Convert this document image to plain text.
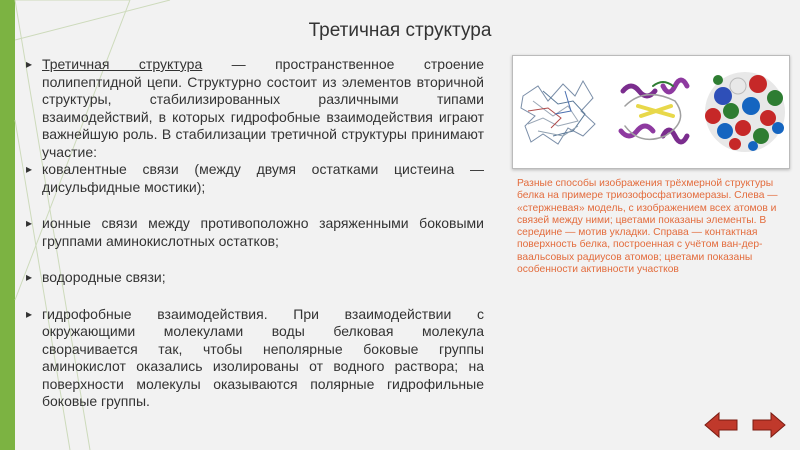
Третичная структура
▸ Третичная структура — пространственное строение полипептидной цепи. Структурно состоит из элементов вторичной структуры, стабилизированных различными типами взаимодействий, в которых гидрофобные взаимодействия играют важнейшую роль. В стабилизации третичной структуры принимают участие:
▸ ковалентные связи (между двумя остатками цистеина — дисульфидные мостики);
▸ ионные связи между противоположно заряженными боковыми группами аминокислотных остатков;
▸ водородные связи;
▸ гидрофобные взаимодействия. При взаимодействии с окружающими молекулами воды белковая молекула сворачивается так, чтобы неполярные боковые группы аминокислот оказались изолированы от водного раствора; на поверхности молекулы оказываются полярные гидрофильные боковые группы.
Разные способы изображения трёхмерной структуры белка на примере триозофосфатизомеразы. Слева — «стержневая» модель, с изображением всех атомов и связей между ними; цветами показаны элементы. В середине — мотив укладки. Справа — контактная поверхность белка, построенная с учётом ван-дер-ваальсовых радиусов атомов; цветами показаны особенности активности участков
